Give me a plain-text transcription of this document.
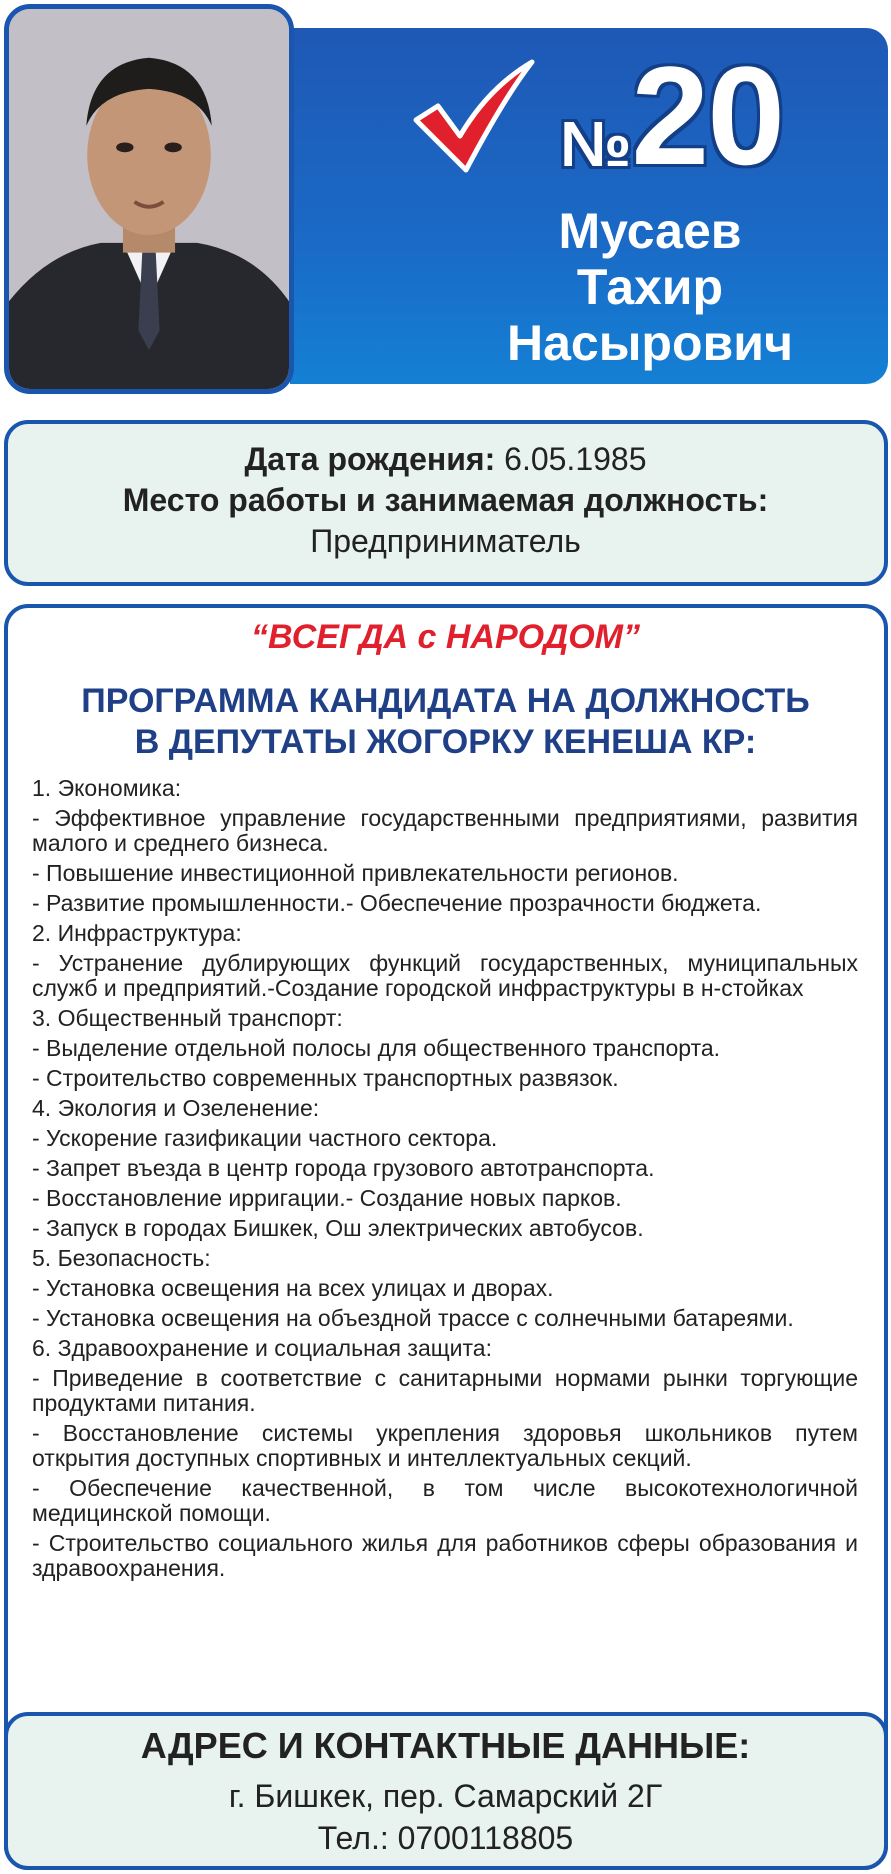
№ 20
Мусаев
Тахир
Насырович
Дата рождения: 6.05.1985
Место работы и занимаемая должность:
Предприниматель
“ВСЕГДА с НАРОДОМ”
ПРОГРАММА КАНДИДАТА НА ДОЛЖНОСТЬ
В ДЕПУТАТЫ ЖОГОРКУ КЕНЕША КР:
1. Экономика:
- Эффективное управление государственными предприятиями, развития малого и среднего бизнеса.
- Повышение инвестиционной привлекательности регионов.
- Развитие промышленности.- Обеспечение прозрачности бюджета.
2. Инфраструктура:
- Устранение дублирующих функций государственных, муниципальных служб и предприятий.-Создание городской инфраструктуры в н-стойках
3. Общественный транспорт:
- Выделение отдельной полосы для общественного транспорта.
- Строительство современных транспортных развязок.
4. Экология и Озеленение:
- Ускорение газификации частного сектора.
- Запрет въезда в центр города грузового автотранспорта.
- Восстановление ирригации.- Создание новых парков.
- Запуск в городах Бишкек, Ош электрических автобусов.
5. Безопасность:
- Установка освещения на всех улицах и дворах.
- Установка освещения на объездной трассе с солнечными батареями.
6. Здравоохранение и социальная защита:
- Приведение в соответствие с санитарными нормами рынки торгующие продуктами питания.
- Восстановление системы укрепления здоровья школьников путем открытия доступных спортивных и интеллектуальных секций.
- Обеспечение качественной, в том числе высокотехнологичной медицинской помощи.
- Строительство социального жилья для работников сферы образования и здравоохранения.
АДРЕС И КОНТАКТНЫЕ ДАННЫЕ:
г. Бишкек, пер. Самарский 2Г
Тел.: 0700118805
